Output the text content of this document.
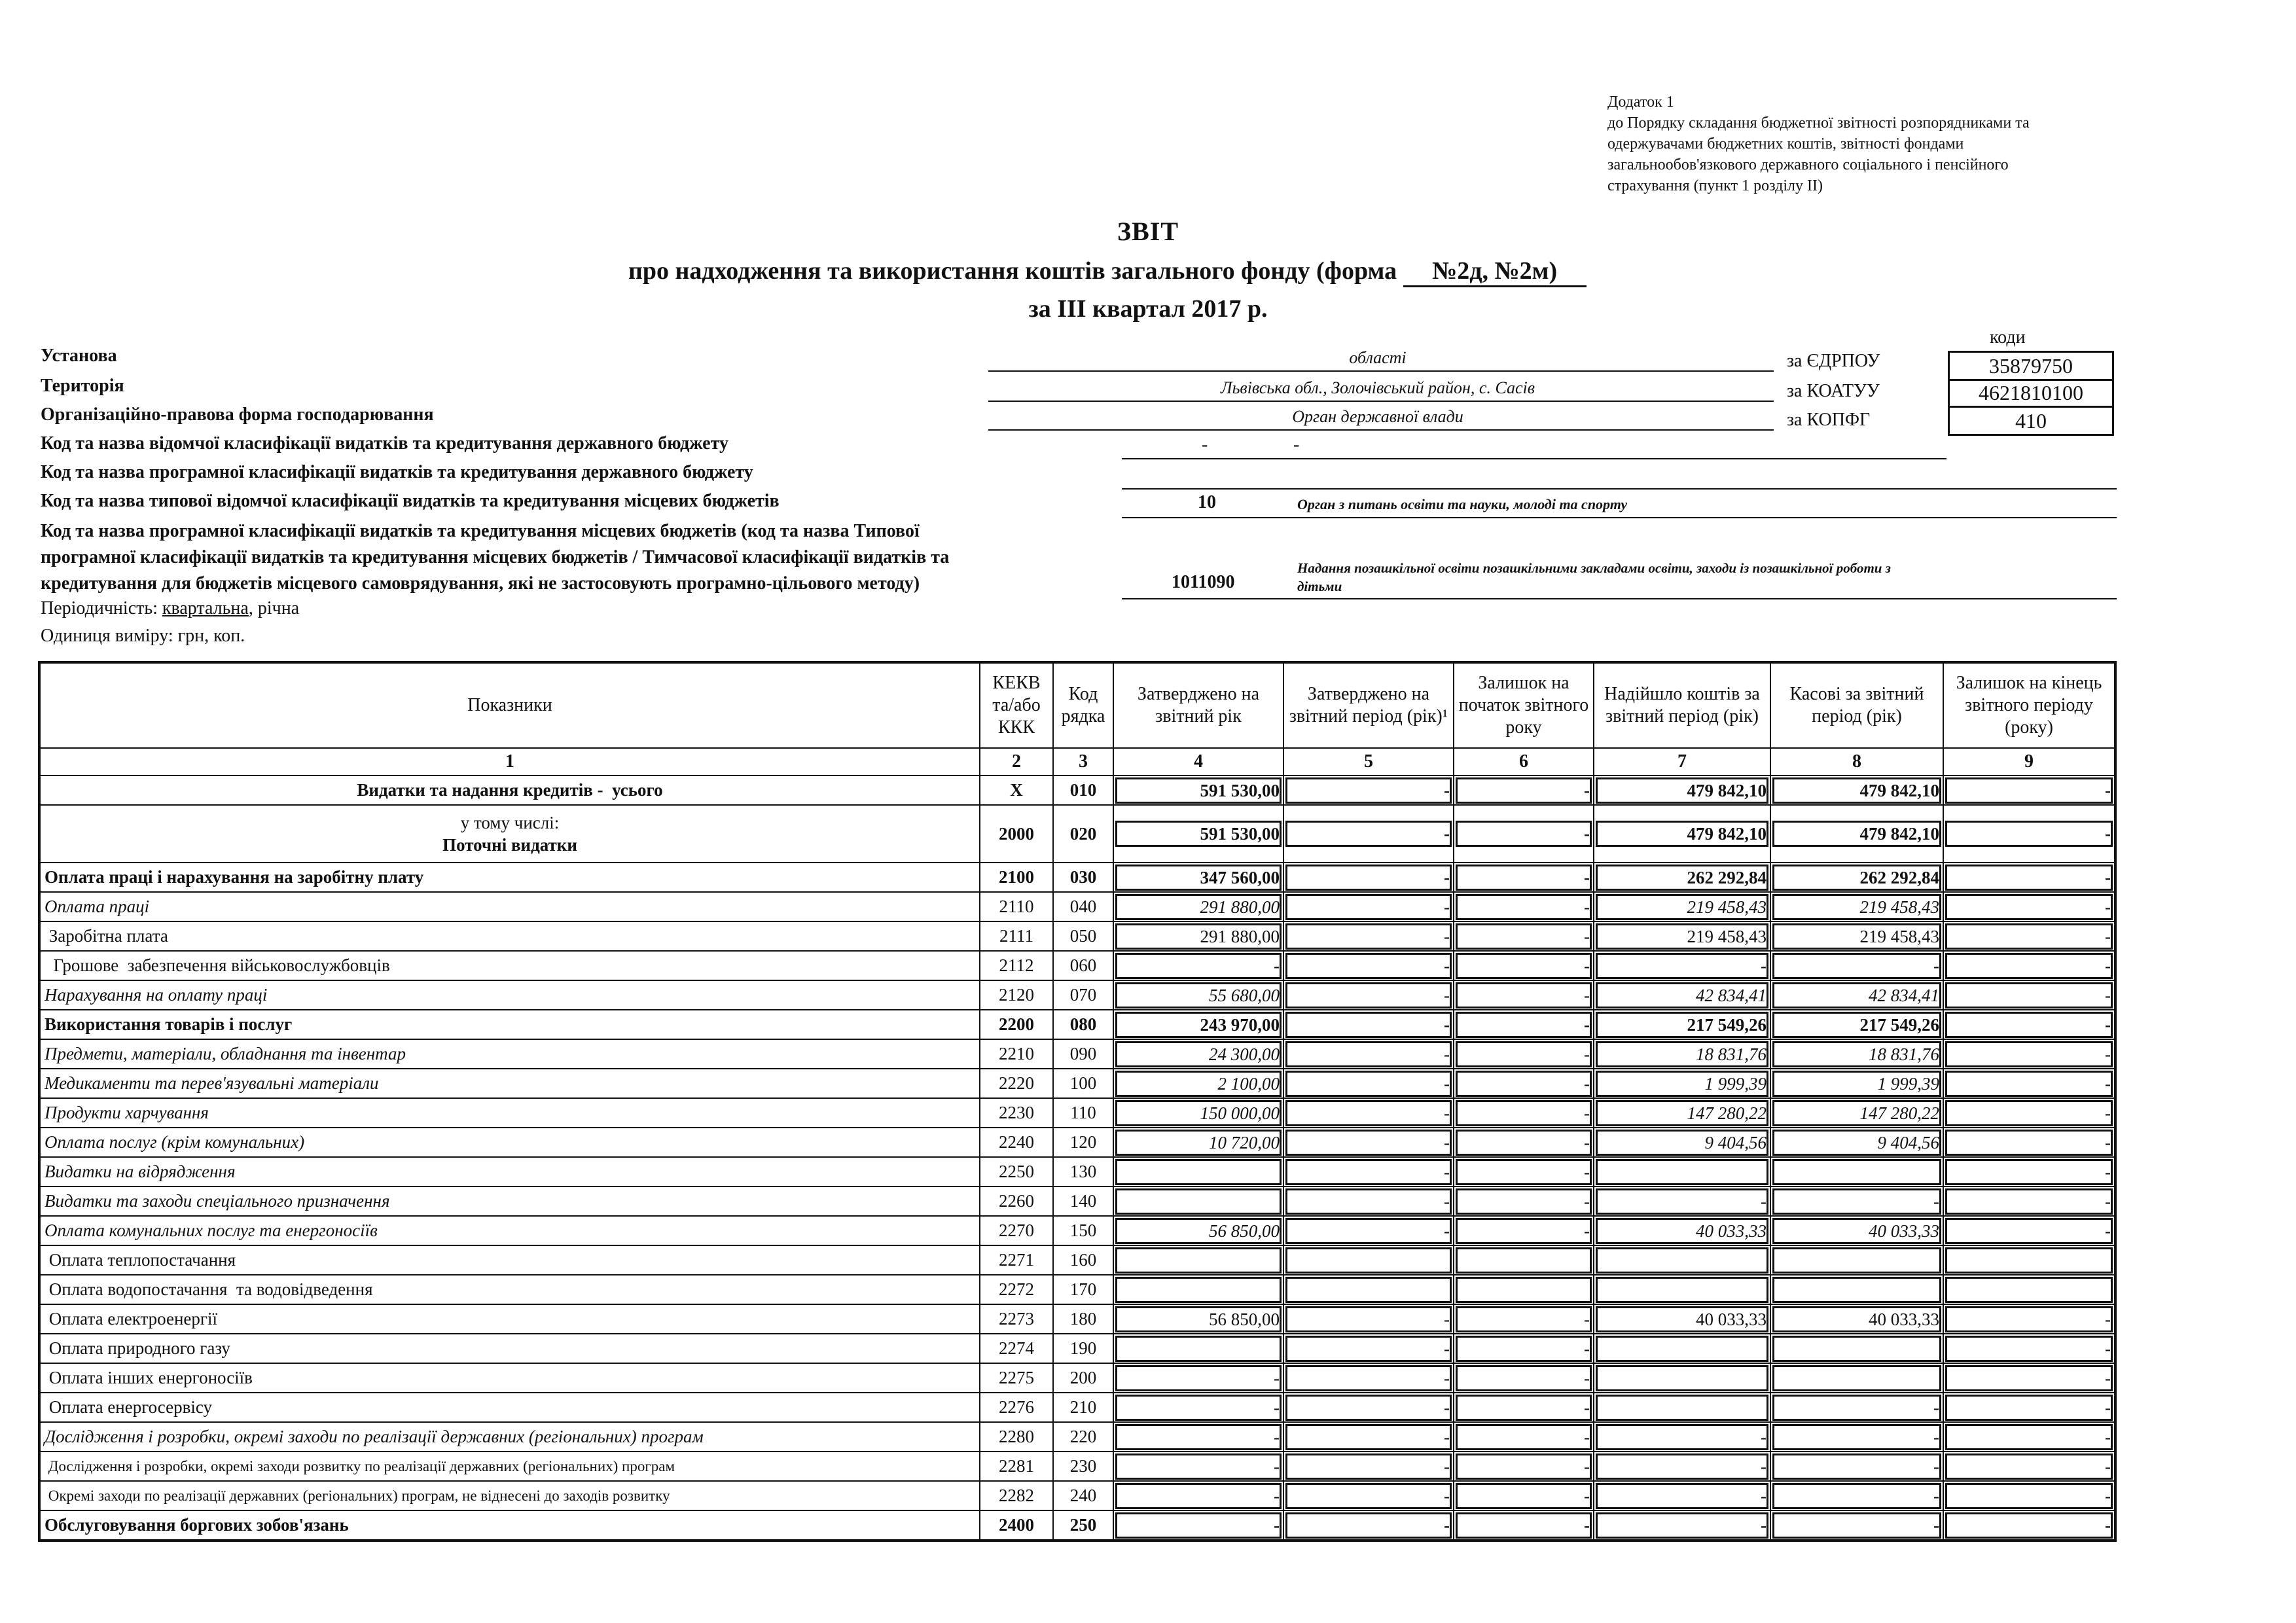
Додаток 1
до Порядку складання бюджетної звітності розпорядниками та
одержувачами бюджетних коштів, звітності фондами
загальнообов'язкового державного соціального і пенсійного
страхування (пункт 1 розділу II)
ЗВІТ
про надходження та використання коштів загального фонду (форма №2д, №2м)
за III квартал 2017 р.
коди
Установа	області
Територія	Львівська обл., Золочівський район, с. Сасів
Організаційно-правова форма господарювання	Орган державної влади
Код та назва відомчої класифікації видатків та кредитування державного бюджету	-	-
Код та назва програмної класифікації видатків та кредитування державного бюджету
Код та назва типової відомчої класифікації видатків та кредитування місцевих бюджетів	10	Орган з питань освіти та науки, молоді та спорту
Код та назва програмної класифікації видатків та кредитування місцевих бюджетів (код та назва Типової
програмної класифікації видатків та кредитування місцевих бюджетів / Тимчасової класифікації видатків та
кредитування для бюджетів місцевого самоврядування, які не застосовують програмно-цільового методу)	1011090
Надання позашкільної освіти позашкільними закладами освіти, заходи із позашкільної роботи з
дітьми
Періодичність: квартальна, річна
Одиниця виміру: грн, коп.
за ЄДРПОУ
за КОАТУУ
за КОПФГ
35879750
4621810100
410
Показники	КЕКВ та/або ККК	Код рядка	Затверджено на звітний рік	Затверджено на звітний період (рік)¹	Залишок на початок звітного року	Надійшло коштів за звітний період (рік)	Касові за звітний період (рік)	Залишок на кінець звітного періоду (року)
1	2	3	4	5	6	7	8	9
Видатки та надання кредитів -  усього	X	010	591 530,00	-	-	479 842,10	479 842,10	-

у тому числі:
Поточні видатки	2000	020	591 530,00	-	-	479 842,10	479 842,10	-

Оплата праці і нарахування на заробітну плату	2100	030	347 560,00	-	-	262 292,84	262 292,84	-

Оплата праці	2110	040	291 880,00	-	-	219 458,43	219 458,43	-

Заробітна плата	2111	050	291 880,00	-	-	219 458,43	219 458,43	-

Грошове  забезпечення військовослужбовців	2112	060	-	-	-	-	-	-

Нарахування на оплату праці	2120	070	55 680,00	-	-	42 834,41	42 834,41	-

Використання товарів і послуг	2200	080	243 970,00	-	-	217 549,26	217 549,26	-

Предмети, матеріали, обладнання та інвентар	2210	090	24 300,00	-	-	18 831,76	18 831,76	-

Медикаменти та перев'язувальні матеріали	2220	100	2 100,00	-	-	1 999,39	1 999,39	-

Продукти харчування	2230	110	150 000,00	-	-	147 280,22	147 280,22	-

Оплата послуг (крім комунальних)	2240	120	10 720,00	-	-	9 404,56	9 404,56	-

Видатки на відрядження	2250	130		-	-			-

Видатки та заходи спеціального призначення	2260	140		-	-	-	-	-

Оплата комунальних послуг та енергоносіїв	2270	150	56 850,00	-	-	40 033,33	40 033,33	-

Оплата теплопостачання	2271	160	

Оплата водопостачання  та водовідведення	2272	170	

Оплата електроенергії	2273	180	56 850,00	-	-	40 033,33	40 033,33	-

Оплата природного газу	2274	190		-	-			-

Оплата інших енергоносіїв	2275	200	-	-	-			-

Оплата енергосервісу	2276	210	-	-	-		-	-

Дослідження і розробки, окремі заходи по реалізації державних (регіональних) програм	2280	220	-	-	-	-	-	-

Дослідження і розробки, окремі заходи розвитку по реалізації державних (регіональних) програм	2281	230	-	-	-	-	-	-

Окремі заходи по реалізації державних (регіональних) програм, не віднесені до заходів розвитку	2282	240	-	-	-	-	-	-

Обслуговування боргових зобов'язань	2400	250	-	-	-	-	-	-
